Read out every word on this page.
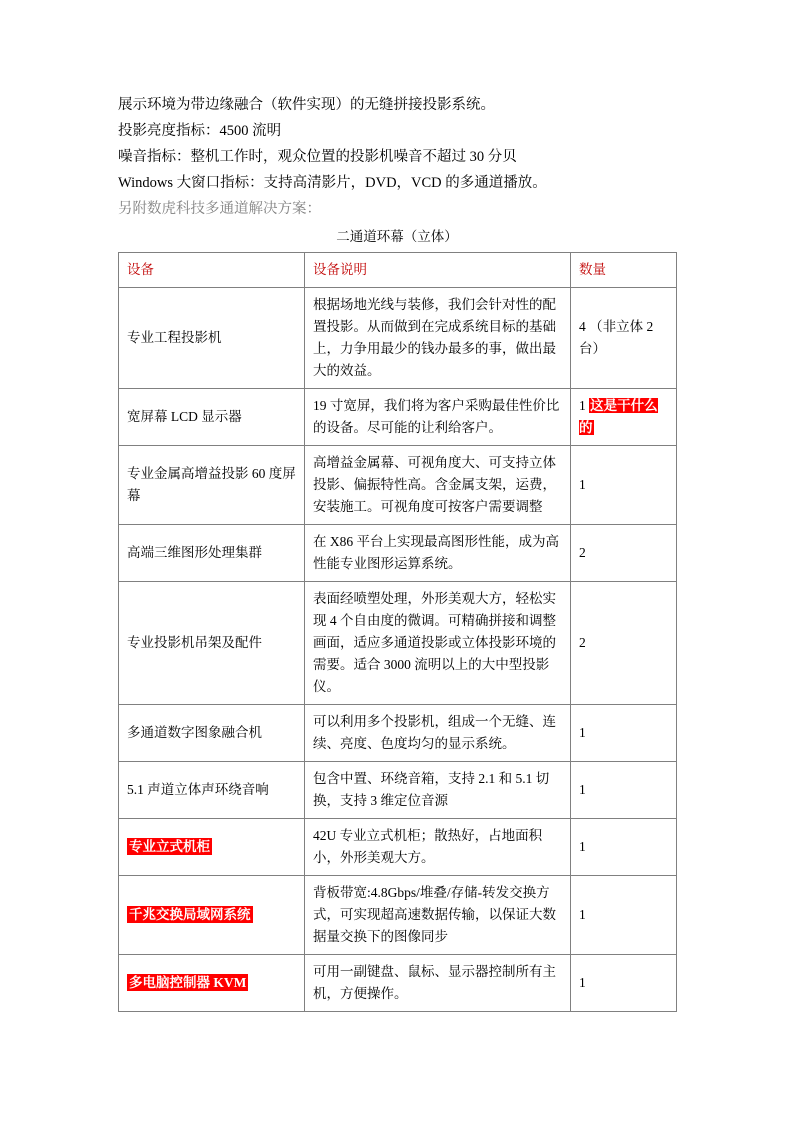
展示环境为带边缘融合（软件实现）的无缝拼接投影系统。

投影亮度指标：4500 流明

噪音指标：整机工作时，观众位置的投影机噪音不超过 30 分贝

Windows 大窗口指标：支持高清影片，DVD，VCD 的多通道播放。

另附数虎科技多通道解决方案：

二通道环幕（立体）
设备	设备说明	数量
专业工程投影机	根据场地光线与装修，我们会针对性的配置投影。从而做到在完成系统目标的基础上，力争用最少的钱办最多的事，做出最大的效益。	4 （非立体 2 台）
宽屏幕 LCD 显示器	19 寸宽屏，我们将为客户采购最佳性价比的设备。尽可能的让利给客户。	1 这是干什么的
专业金属高增益投影 60 度屏幕	高增益金属幕、可视角度大、可支持立体投影、偏振特性高。含金属支架，运费，安装施工。可视角度可按客户需要调整	1
高端三维图形处理集群	在 X86 平台上实现最高图形性能，成为高性能专业图形运算系统。	2
专业投影机吊架及配件	表面经喷塑处理，外形美观大方，轻松实现 4 个自由度的微调。可精确拼接和调整画面，适应多通道投影或立体投影环境的需要。适合 3000 流明以上的大中型投影仪。	2
多通道数字图象融合机	可以利用多个投影机，组成一个无缝、连续、亮度、色度均匀的显示系统。	1
5.1 声道立体声环绕音响	包含中置、环绕音箱，支持 2.1 和 5.1 切换，支持 3 维定位音源	1
专业立式机柜	42U 专业立式机柜；散热好，占地面积小，外形美观大方。	1
千兆交换局域网系统	背板带宽:4.8Gbps/堆叠/存储-转发交换方式，可实现超高速数据传输，以保证大数据量交换下的图像同步	1
多电脑控制器 KVM	可用一副键盘、鼠标、显示器控制所有主机，方便操作。	1
